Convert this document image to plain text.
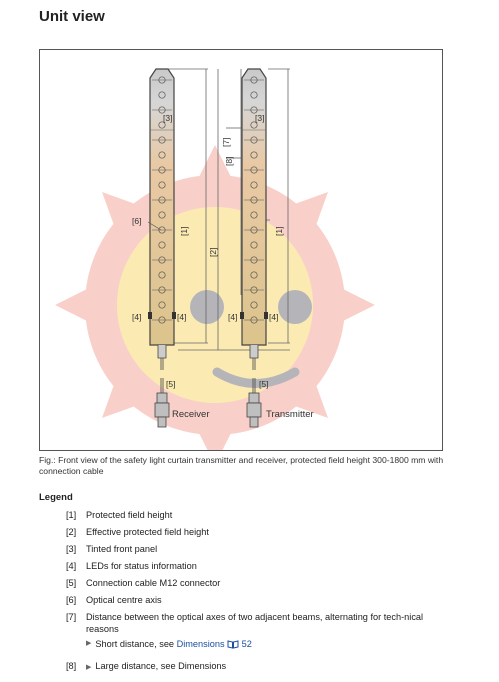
Unit view
[3]	[3]
[6]
[7]
[8]
[1]
[2]
[1]
[4]	[4]	[4]	[4]
[5]	[5]
Receiver	Transmitter
Fig.: Front view of the safety light curtain transmitter and receiver, protected field height 300-1800 mm with connection cable
Legend
[1]	Protected field height
[2]	Effective protected field height
[3]	Tinted front panel
[4]	LEDs for status information
[5]	Connection cable M12 connector
[6]	Optical centre axis
[7]	Distance between the optical axes of two adjacent beams, alternating for tech-nical reasons
▶ Short distance, see Dimensions 52
[8]	▶ Large distance, see Dimensions
